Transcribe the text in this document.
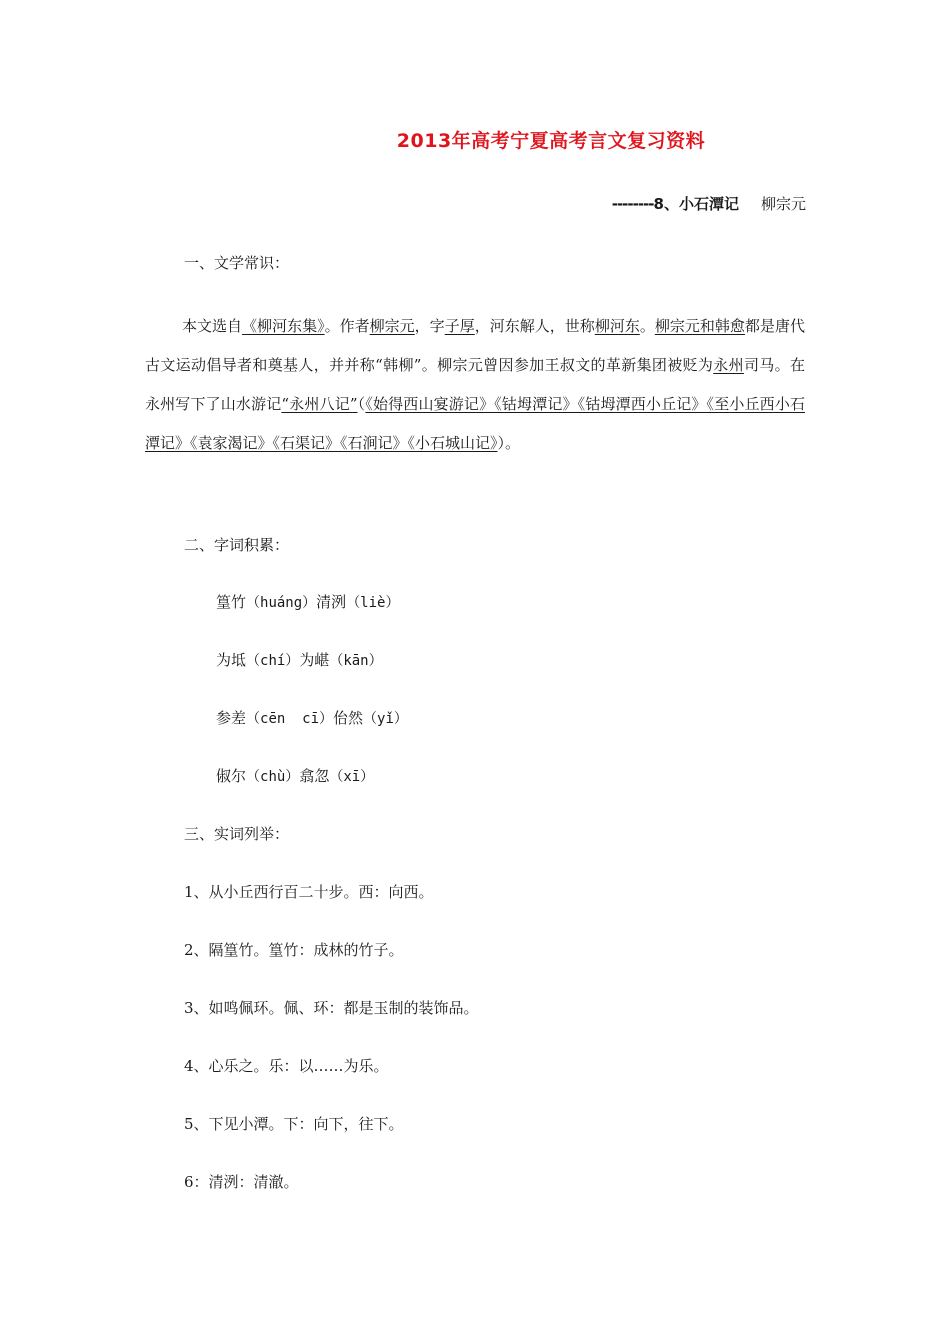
2013年高考宁夏高考言文复习资料
--------8、小石潭记 柳宗元
一、文学常识：
本文选自《柳河东集》。作者柳宗元，字子厚，河东解人，世称柳河东。柳宗元和韩愈都是唐代古文运动倡导者和奠基人，并并称“韩柳”。柳宗元曾因参加王叔文的革新集团被贬为永州司马。在永州写下了山水游记“永州八记”（《始得西山宴游记》《钴坶潭记》《钴坶潭西小丘记》《至小丘西小石潭记》《袁家渴记》《石渠记》《石涧记》《小石城山记》）。
二、字词积累：
篁竹（huáng）清洌（liè）
为坻（chí）为嵁（kān）
参差（cēn  cī）佁然（yǐ）
俶尔（chù）翕忽（xī）
三、实词列举：
1、从小丘西行百二十步。西：向西。
2、隔篁竹。篁竹：成林的竹子。
3、如鸣佩环。佩、环：都是玉制的装饰品。
4、心乐之。乐：以……为乐。
5、下见小潭。下：向下，往下。
6：清洌：清澈。
